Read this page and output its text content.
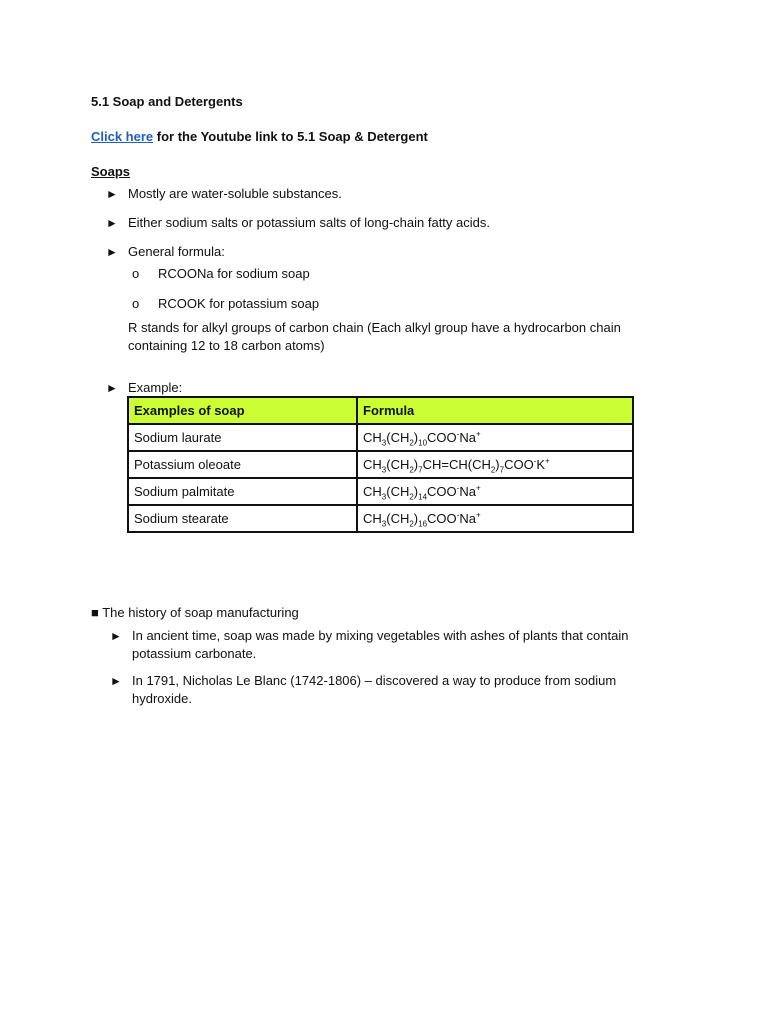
5.1 Soap and Detergents
Click here for the Youtube link to 5.1 Soap & Detergent
Soaps
► Mostly are water-soluble substances.
► Either sodium salts or potassium salts of long-chain fatty acids.
► General formula:
o RCOONa for sodium soap
o RCOOK for potassium soap
R stands for alkyl groups of carbon chain (Each alkyl group have a hydrocarbon chain
containing 12 to 18 carbon atoms)
► Example:
Examples of soap	Formula
Sodium laurate	$CH_3(CH_2)_{10}COO^-Na^+$
Potassium oleoate	$CH_3(CH_2)_7CH=CH(CH_2)_7COO^-K^+$
Sodium palmitate	$CH_3(CH_2)_{14}COO^-Na^+$
Sodium stearate	$CH_3(CH_2)_{16}COO^-Na^+$
■ The history of soap manufacturing
► In ancient time, soap was made by mixing vegetables with ashes of plants that contain
potassium carbonate.
► In 1791, Nicholas Le Blanc (1742-1806) – discovered a way to produce from sodium
hydroxide.
